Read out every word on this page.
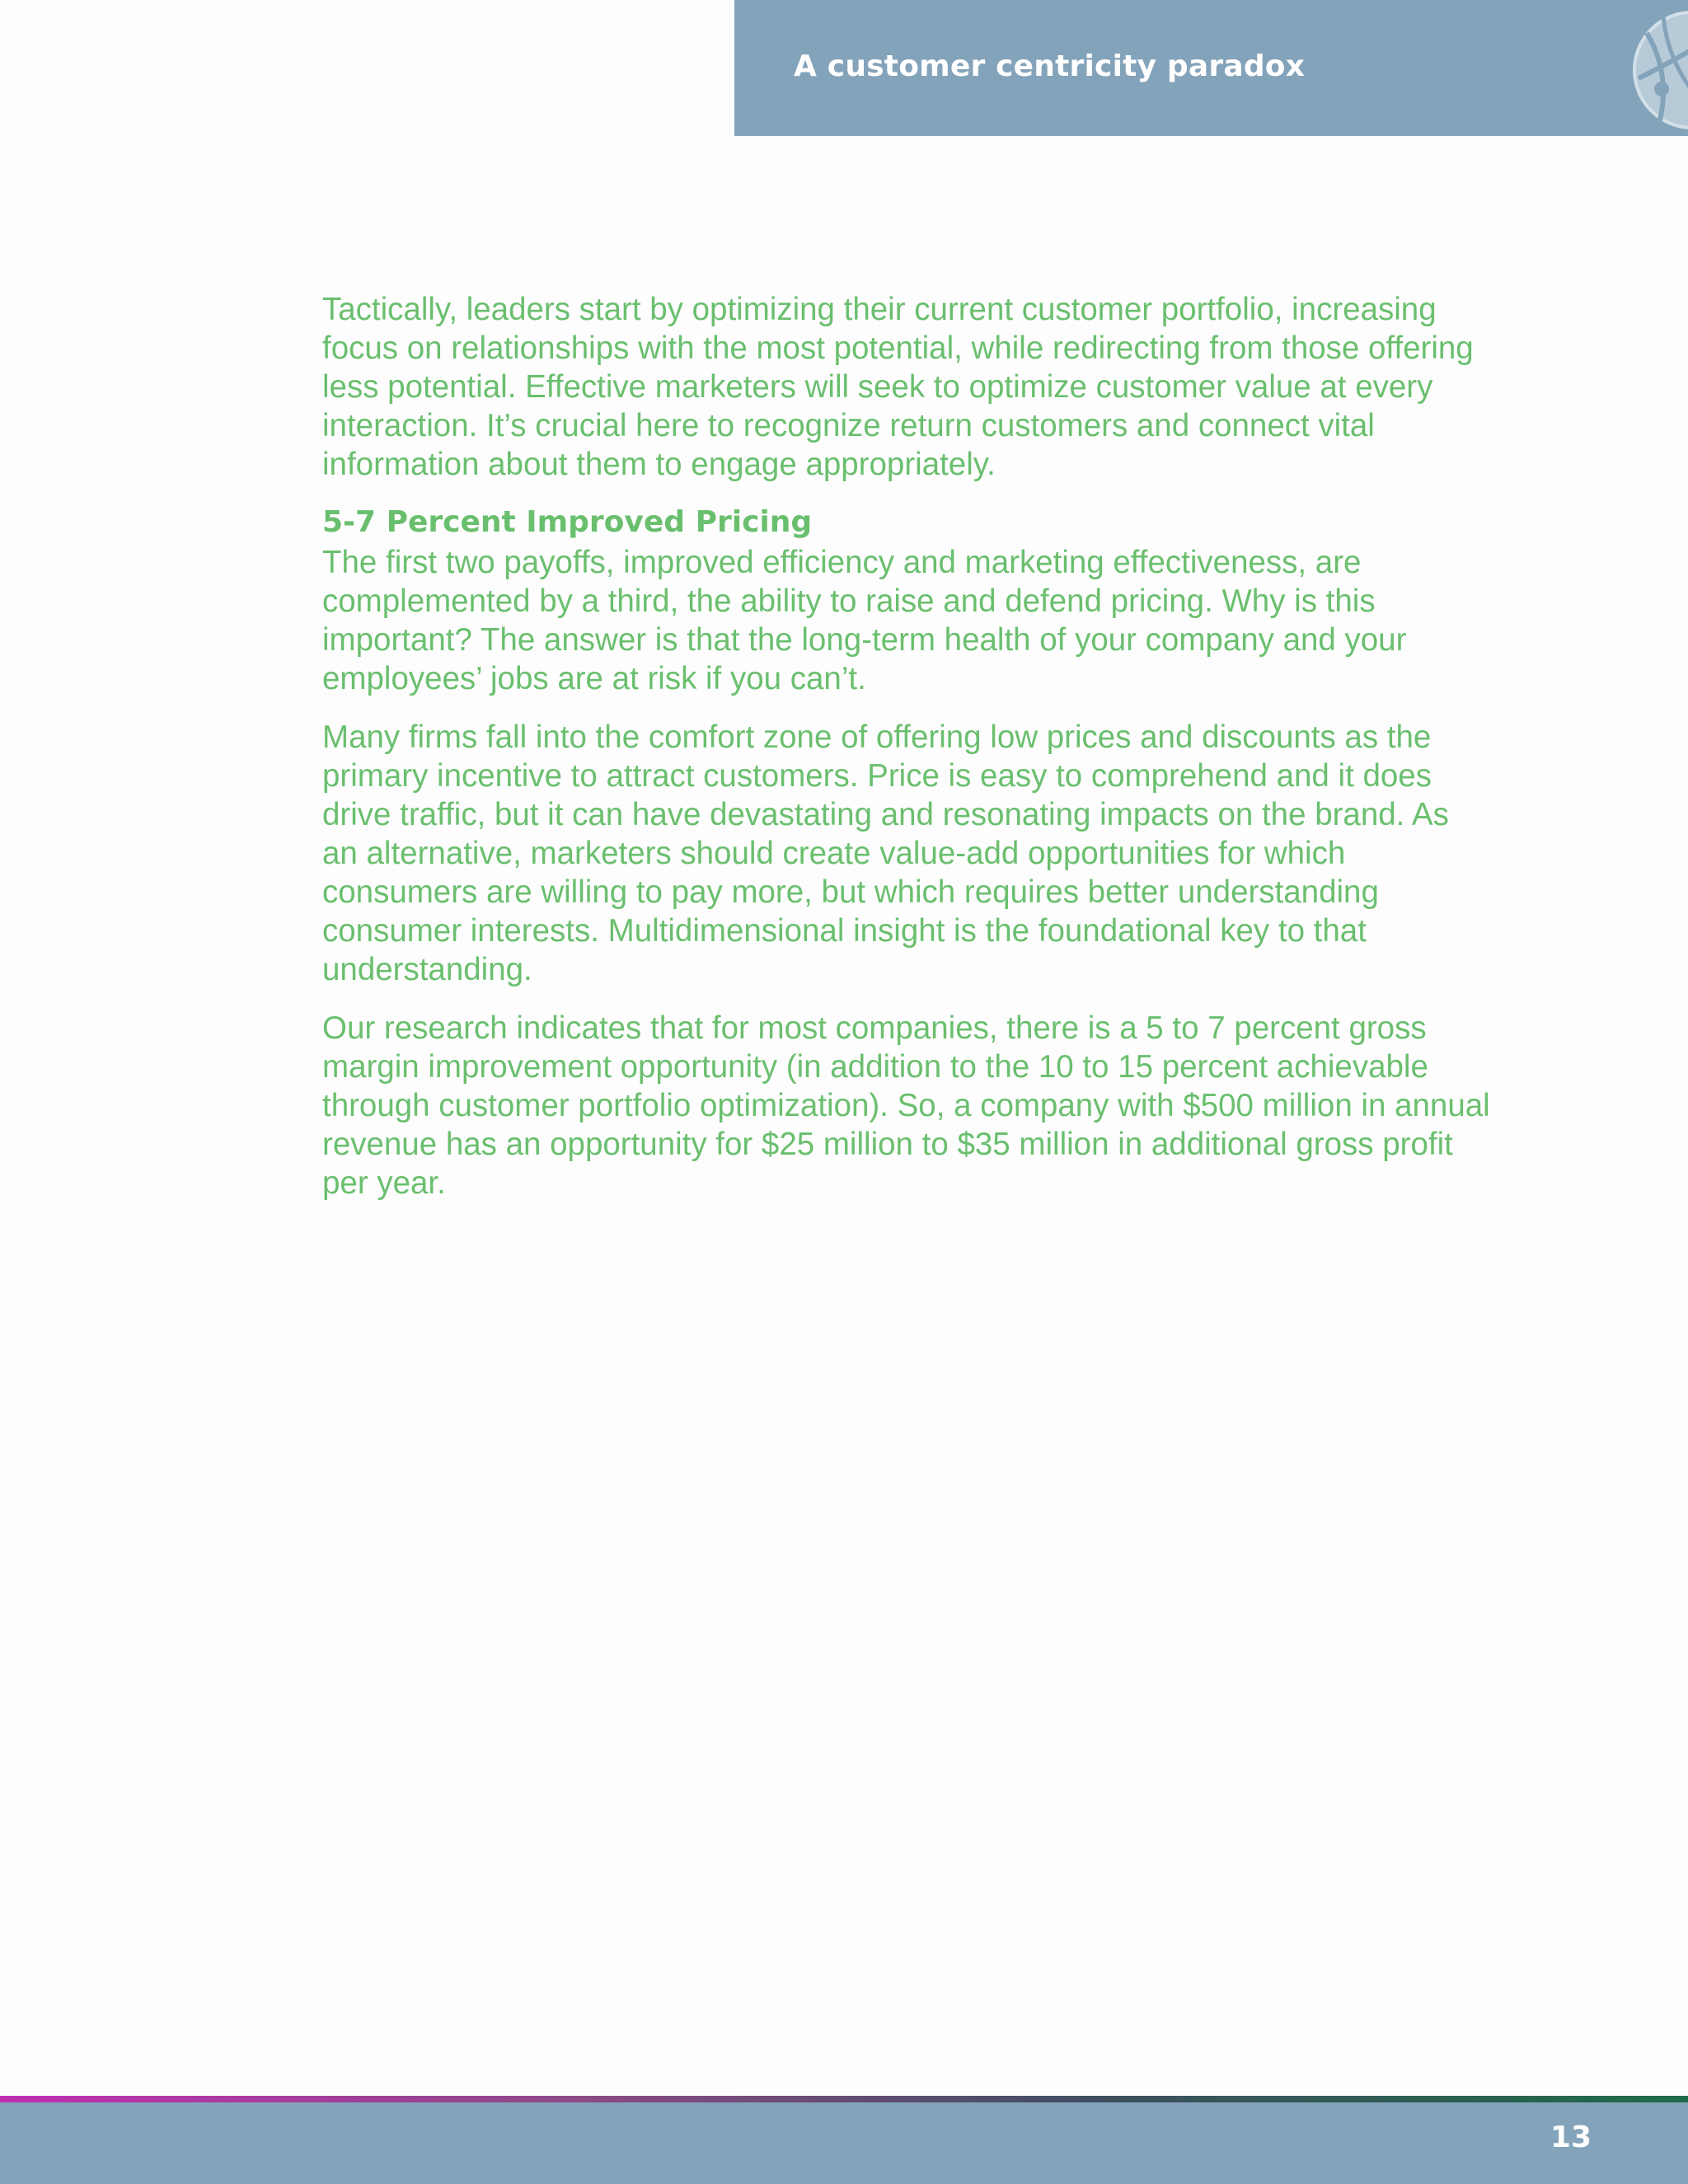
A customer centricity paradox

Tactically, leaders start by optimizing their current customer portfolio, increasing focus on relationships with the most potential, while redirecting from those offering less potential. Effective marketers will seek to optimize customer value at every interaction. It’s crucial here to recognize return customers and connect vital information about them to engage appropriately.

5-7 Percent Improved Pricing

The first two payoffs, improved efficiency and marketing effectiveness, are complemented by a third, the ability to raise and defend pricing. Why is this important? The answer is that the long-term health of your company and your employees’ jobs are at risk if you can’t.

Many firms fall into the comfort zone of offering low prices and discounts as the primary incentive to attract customers. Price is easy to comprehend and it does drive traffic, but it can have devastating and resonating impacts on the brand. As an alternative, marketers should create value-add opportunities for which consumers are willing to pay more, but which requires better understanding consumer interests. Multidimensional insight is the foundational key to that understanding.

Our research indicates that for most companies, there is a 5 to 7 percent gross margin improvement opportunity (in addition to the 10 to 15 percent achievable through customer portfolio optimization). So, a company with $500 million in annual revenue has an opportunity for $25 million to $35 million in additional gross profit per year.

13
